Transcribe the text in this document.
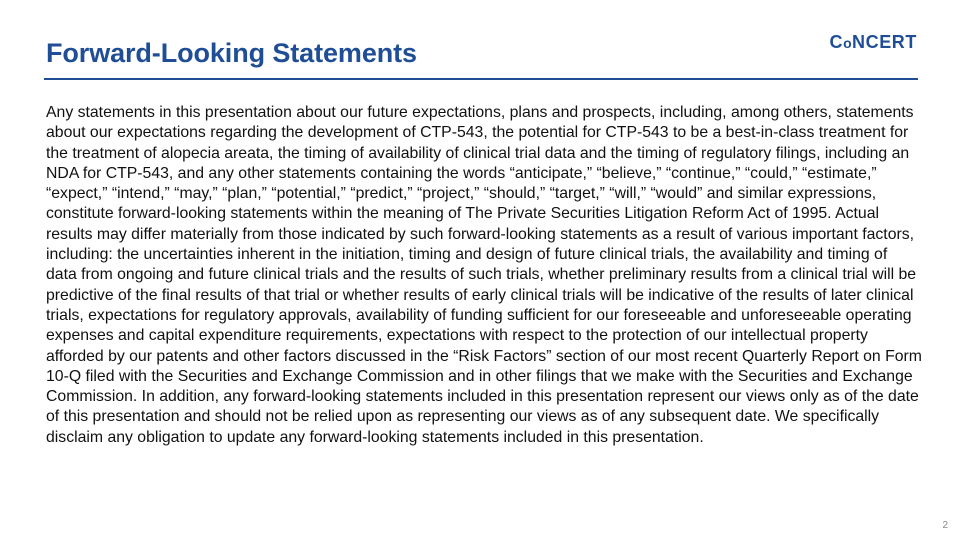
Forward-Looking Statements	CoNCERT

Any statements in this presentation about our future expectations, plans and prospects, including, among others, statements about our expectations regarding the development of CTP-543, the potential for CTP-543 to be a best-in-class treatment for the treatment of alopecia areata, the timing of availability of clinical trial data and the timing of regulatory filings, including an NDA for CTP-543, and any other statements containing the words “anticipate,” “believe,” “continue,” “could,” “estimate,” “expect,” “intend,” “may,” “plan,” “potential,” “predict,” “project,” “should,” “target,” “will,” “would” and similar expressions, constitute forward-looking statements within the meaning of The Private Securities Litigation Reform Act of 1995. Actual results may differ materially from those indicated by such forward-looking statements as a result of various important factors, including: the uncertainties inherent in the initiation, timing and design of future clinical trials, the availability and timing of data from ongoing and future clinical trials and the results of such trials, whether preliminary results from a clinical trial will be predictive of the final results of that trial or whether results of early clinical trials will be indicative of the results of later clinical trials, expectations for regulatory approvals, availability of funding sufficient for our foreseeable and unforeseeable operating expenses and capital expenditure requirements, expectations with respect to the protection of our intellectual property afforded by our patents and other factors discussed in the “Risk Factors” section of our most recent Quarterly Report on Form 10-Q filed with the Securities and Exchange Commission and in other filings that we make with the Securities and Exchange Commission. In addition, any forward-looking statements included in this presentation represent our views only as of the date of this presentation and should not be relied upon as representing our views as of any subsequent date. We specifically disclaim any obligation to update any forward-looking statements included in this presentation.

2
